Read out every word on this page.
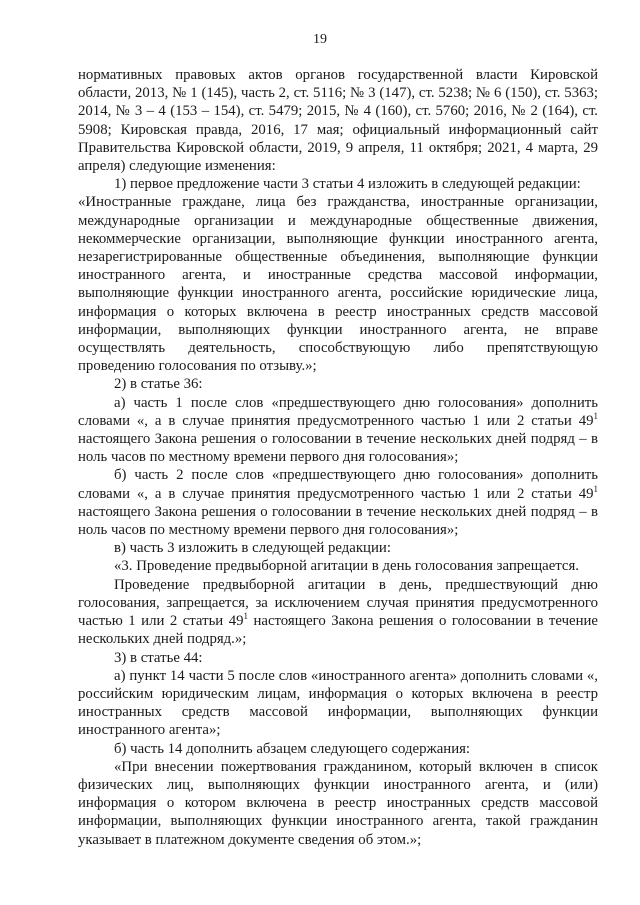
19

нормативных правовых актов органов государственной власти Кировской области, 2013, № 1 (145), часть 2, ст. 5116; № 3 (147), ст. 5238; № 6 (150), ст. 5363; 2014, № 3 – 4 (153 – 154), ст. 5479; 2015, № 4 (160), ст. 5760; 2016, № 2 (164), ст. 5908; Кировская правда, 2016, 17 мая; официальный информационный сайт Правительства Кировской области, 2019, 9 апреля, 11 октября; 2021, 4 марта, 29 апреля) следующие изменения:

1) первое предложение части 3 статьи 4 изложить в следующей редакции:

«Иностранные граждане, лица без гражданства, иностранные организации, международные организации и международные общественные движения, некоммерческие организации, выполняющие функции иностранного агента, незарегистрированные общественные объединения, выполняющие функции иностранного агента, и иностранные средства массовой информации, выполняющие функции иностранного агента, российские юридические лица, информация о которых включена в реестр иностранных средств массовой информации, выполняющих функции иностранного агента, не вправе осуществлять деятельность, способствующую либо препятствующую проведению голосования по отзыву.»;

2) в статье 36:

а) часть 1 после слов «предшествующего дню голосования» дополнить словами «, а в случае принятия предусмотренного частью 1 или 2 статьи $49^1$ настоящего Закона решения о голосовании в течение нескольких дней подряд – в ноль часов по местному времени первого дня голосования»;

б) часть 2 после слов «предшествующего дню голосования» дополнить словами «, а в случае принятия предусмотренного частью 1 или 2 статьи $49^1$ настоящего Закона решения о голосовании в течение нескольких дней подряд – в ноль часов по местному времени первого дня голосования»;

в) часть 3 изложить в следующей редакции:

«3. Проведение предвыборной агитации в день голосования запрещается.

Проведение предвыборной агитации в день, предшествующий дню голосования, запрещается, за исключением случая принятия предусмотренного частью 1 или 2 статьи $49^1$ настоящего Закона решения о голосовании в течение нескольких дней подряд.»;

3) в статье 44:

а) пункт 14 части 5 после слов «иностранного агента» дополнить словами «, российским юридическим лицам, информация о которых включена в реестр иностранных средств массовой информации, выполняющих функции иностранного агента»;

б) часть 14 дополнить абзацем следующего содержания:

«При внесении пожертвования гражданином, который включен в список физических лиц, выполняющих функции иностранного агента, и (или) информация о котором включена в реестр иностранных средств массовой информации, выполняющих функции иностранного агента, такой гражданин указывает в платежном документе сведения об этом.»;
